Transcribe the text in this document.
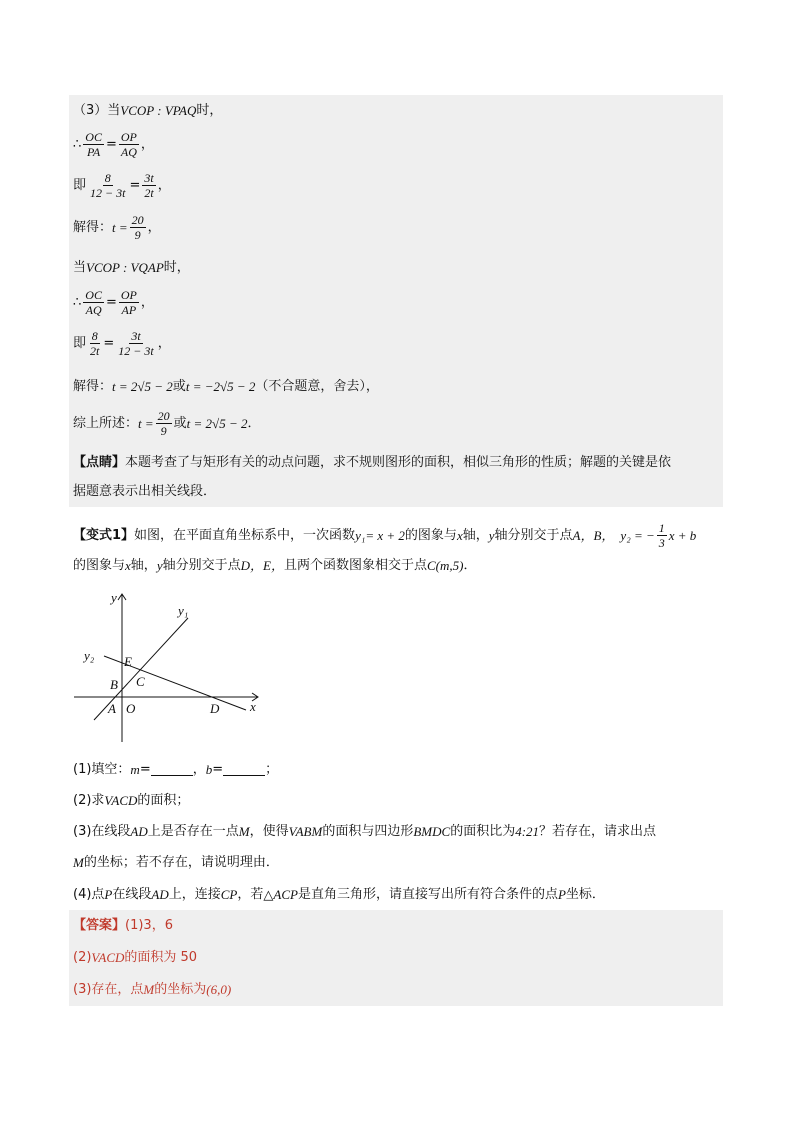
（3）当 VCOP : VPAQ 时，
∴ $\frac{OC}{PA} = \frac{OP}{AQ}$ ，
即 $\frac{8}{12 - 3t} = \frac{3t}{2t}$ ，
解得： $t = \frac{20}{9}$ ，
当 VCOP : VQAP 时，
∴ $\frac{OC}{AQ} = \frac{OP}{AP}$ ，
即 $\frac{8}{2t} = \frac{3t}{12 - 3t}$ ，
解得： t = 2√5 − 2 或 t = −2√5 − 2 （不合题意，舍去），
综上所述： $t = \frac{20}{9}$ 或 t = 2√5 − 2 ．
【点睛】本题考查了与矩形有关的动点问题，求不规则图形的面积，相似三角形的性质；解题的关键是依
据题意表示出相关线段．
【变式1】 如图，在平面直角坐标系中，一次函数 y₁= x + 2 的图象与 x 轴， y 轴分别交于点 A，B， y₂ = − $\frac{1}{3}$ x + b
的图象与 x 轴， y 轴分别交于点 D，E， 且两个函数图象相交于点 C(m,5) ．
y
y₁
y₂ E
C
B
A O	D x
(1)填空： m =	， b =	；
(2)求 VACD 的面积；
(3)在线段 AD 上是否存在一点 M ，使得 VABM 的面积与四边形 BMDC 的面积比为 4:21 ？若存在，请求出点
M 的坐标；若不存在，请说明理由．
(4)点 P 在线段 AD 上，连接 CP ，若 △ACP 是直角三角形，请直接写出所有符合条件的点 P 坐标．
【答案】 (1)3，6
(2) VACD 的面积为 50
(3)存在，点 M 的坐标为 (6,0)
